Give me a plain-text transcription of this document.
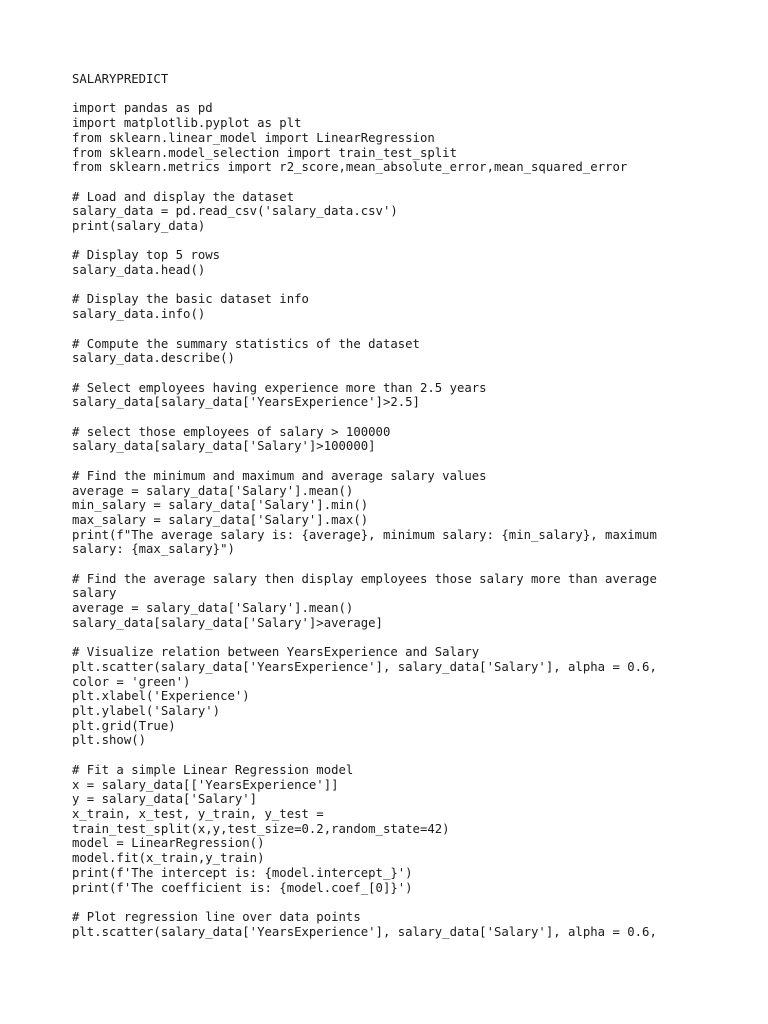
SALARYPREDICT
import pandas as pd
import matplotlib.pyplot as plt
from sklearn.linear_model import LinearRegression
from sklearn.model_selection import train_test_split
from sklearn.metrics import r2_score,mean_absolute_error,mean_squared_error
# Load and display the dataset
salary_data = pd.read_csv('salary_data.csv')
print(salary_data)
# Display top 5 rows
salary_data.head()
# Display the basic dataset info
salary_data.info()
# Compute the summary statistics of the dataset
salary_data.describe()
# Select employees having experience more than 2.5 years
salary_data[salary_data['YearsExperience']>2.5]
# select those employees of salary > 100000
salary_data[salary_data['Salary']>100000]
# Find the minimum and maximum and average salary values
average = salary_data['Salary'].mean()
min_salary = salary_data['Salary'].min()
max_salary = salary_data['Salary'].max()
print(f"The average salary is: {average}, minimum salary: {min_salary}, maximum
salary: {max_salary}")
# Find the average salary then display employees those salary more than average
salary
average = salary_data['Salary'].mean()
salary_data[salary_data['Salary']>average]
# Visualize relation between YearsExperience and Salary
plt.scatter(salary_data['YearsExperience'], salary_data['Salary'], alpha = 0.6,
color = 'green')
plt.xlabel('Experience')
plt.ylabel('Salary')
plt.grid(True)
plt.show()
# Fit a simple Linear Regression model
x = salary_data[['YearsExperience']]
y = salary_data['Salary']
x_train, x_test, y_train, y_test =
train_test_split(x,y,test_size=0.2,random_state=42)
model = LinearRegression()
model.fit(x_train,y_train)
print(f'The intercept is: {model.intercept_}')
print(f'The coefficient is: {model.coef_[0]}')
# Plot regression line over data points
plt.scatter(salary_data['YearsExperience'], salary_data['Salary'], alpha = 0.6,
